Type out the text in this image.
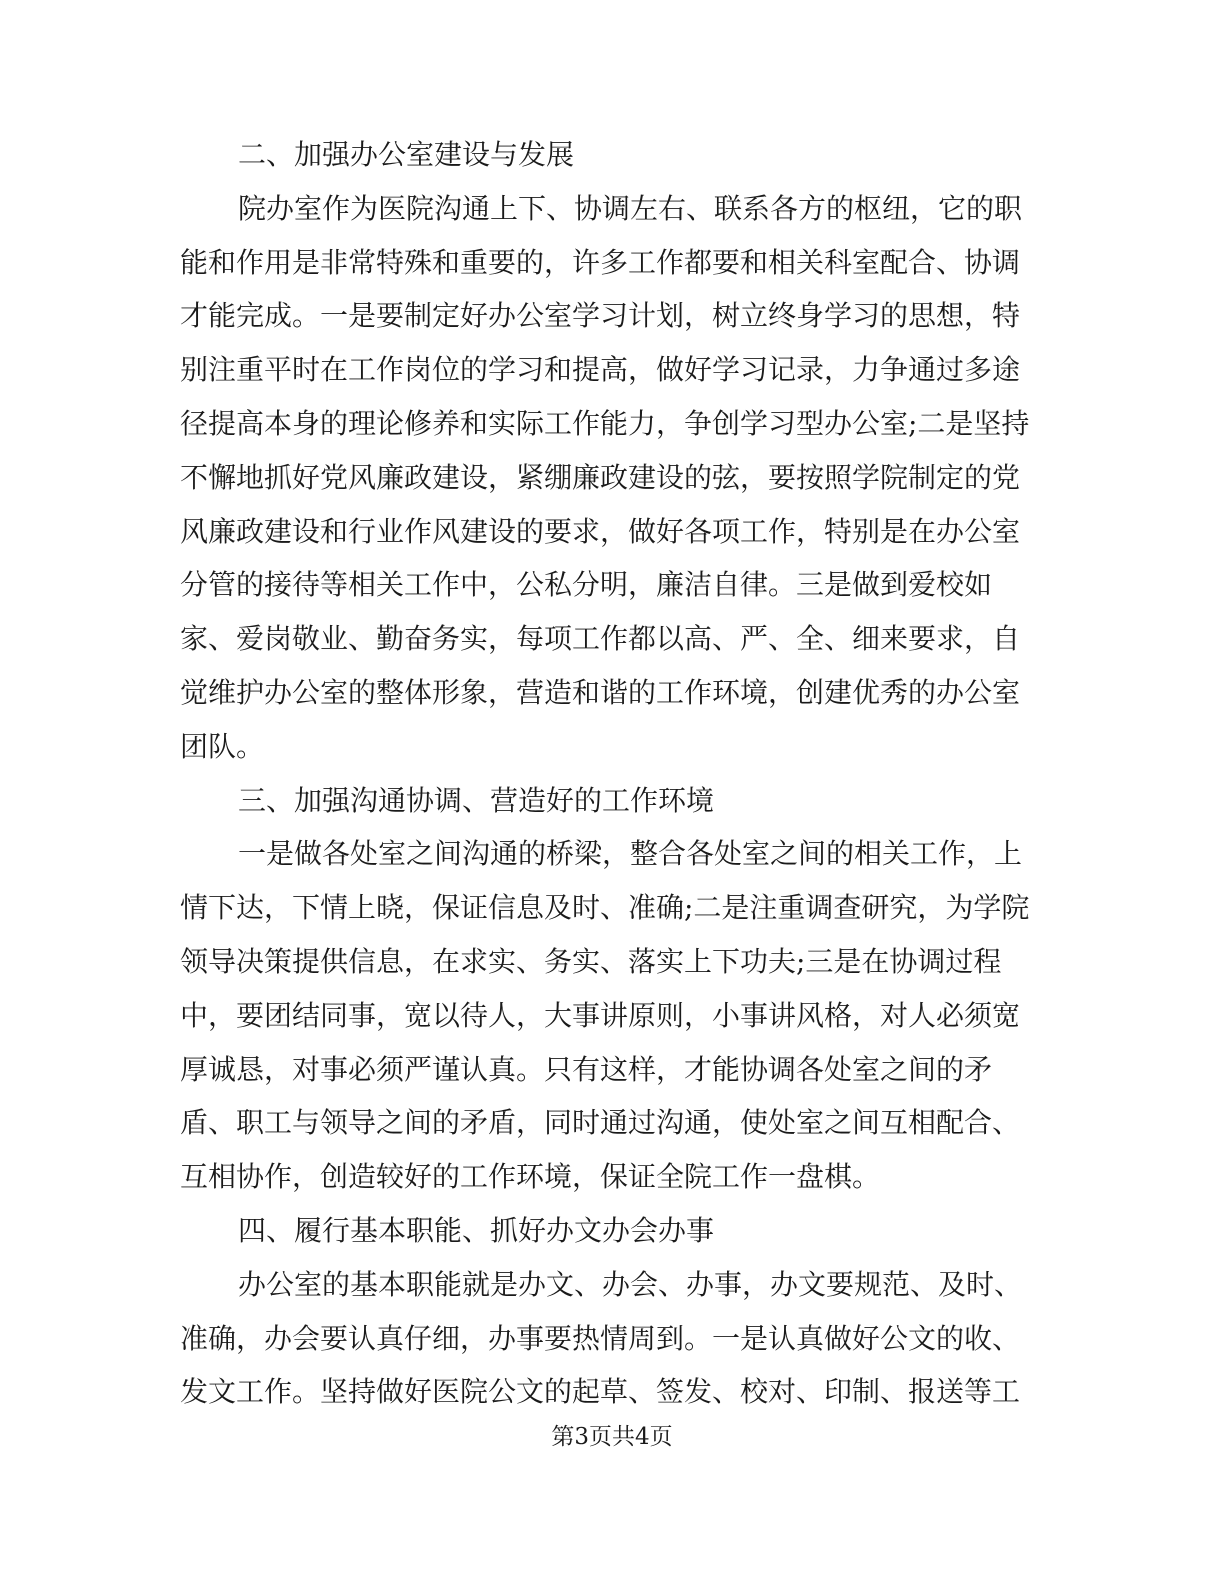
二、加强办公室建设与发展
院办室作为医院沟通上下、协调左右、联系各方的枢纽，它的职
能和作用是非常特殊和重要的，许多工作都要和相关科室配合、协调
才能完成。一是要制定好办公室学习计划，树立终身学习的思想，特
别注重平时在工作岗位的学习和提高，做好学习记录，力争通过多途
径提高本身的理论修养和实际工作能力，争创学习型办公室;二是坚持
不懈地抓好党风廉政建设，紧绷廉政建设的弦，要按照学院制定的党
风廉政建设和行业作风建设的要求，做好各项工作，特别是在办公室
分管的接待等相关工作中，公私分明，廉洁自律。三是做到爱校如
家、爱岗敬业、勤奋务实，每项工作都以高、严、全、细来要求，自
觉维护办公室的整体形象，营造和谐的工作环境，创建优秀的办公室
团队。
三、加强沟通协调、营造好的工作环境
一是做各处室之间沟通的桥梁，整合各处室之间的相关工作，上
情下达，下情上晓，保证信息及时、准确;二是注重调查研究，为学院
领导决策提供信息，在求实、务实、落实上下功夫;三是在协调过程
中，要团结同事，宽以待人，大事讲原则，小事讲风格，对人必须宽
厚诚恳，对事必须严谨认真。只有这样，才能协调各处室之间的矛
盾、职工与领导之间的矛盾，同时通过沟通，使处室之间互相配合、
互相协作，创造较好的工作环境，保证全院工作一盘棋。
四、履行基本职能、抓好办文办会办事
办公室的基本职能就是办文、办会、办事，办文要规范、及时、
准确，办会要认真仔细，办事要热情周到。一是认真做好公文的收、
发文工作。坚持做好医院公文的起草、签发、校对、印制、报送等工
第3页共4页
